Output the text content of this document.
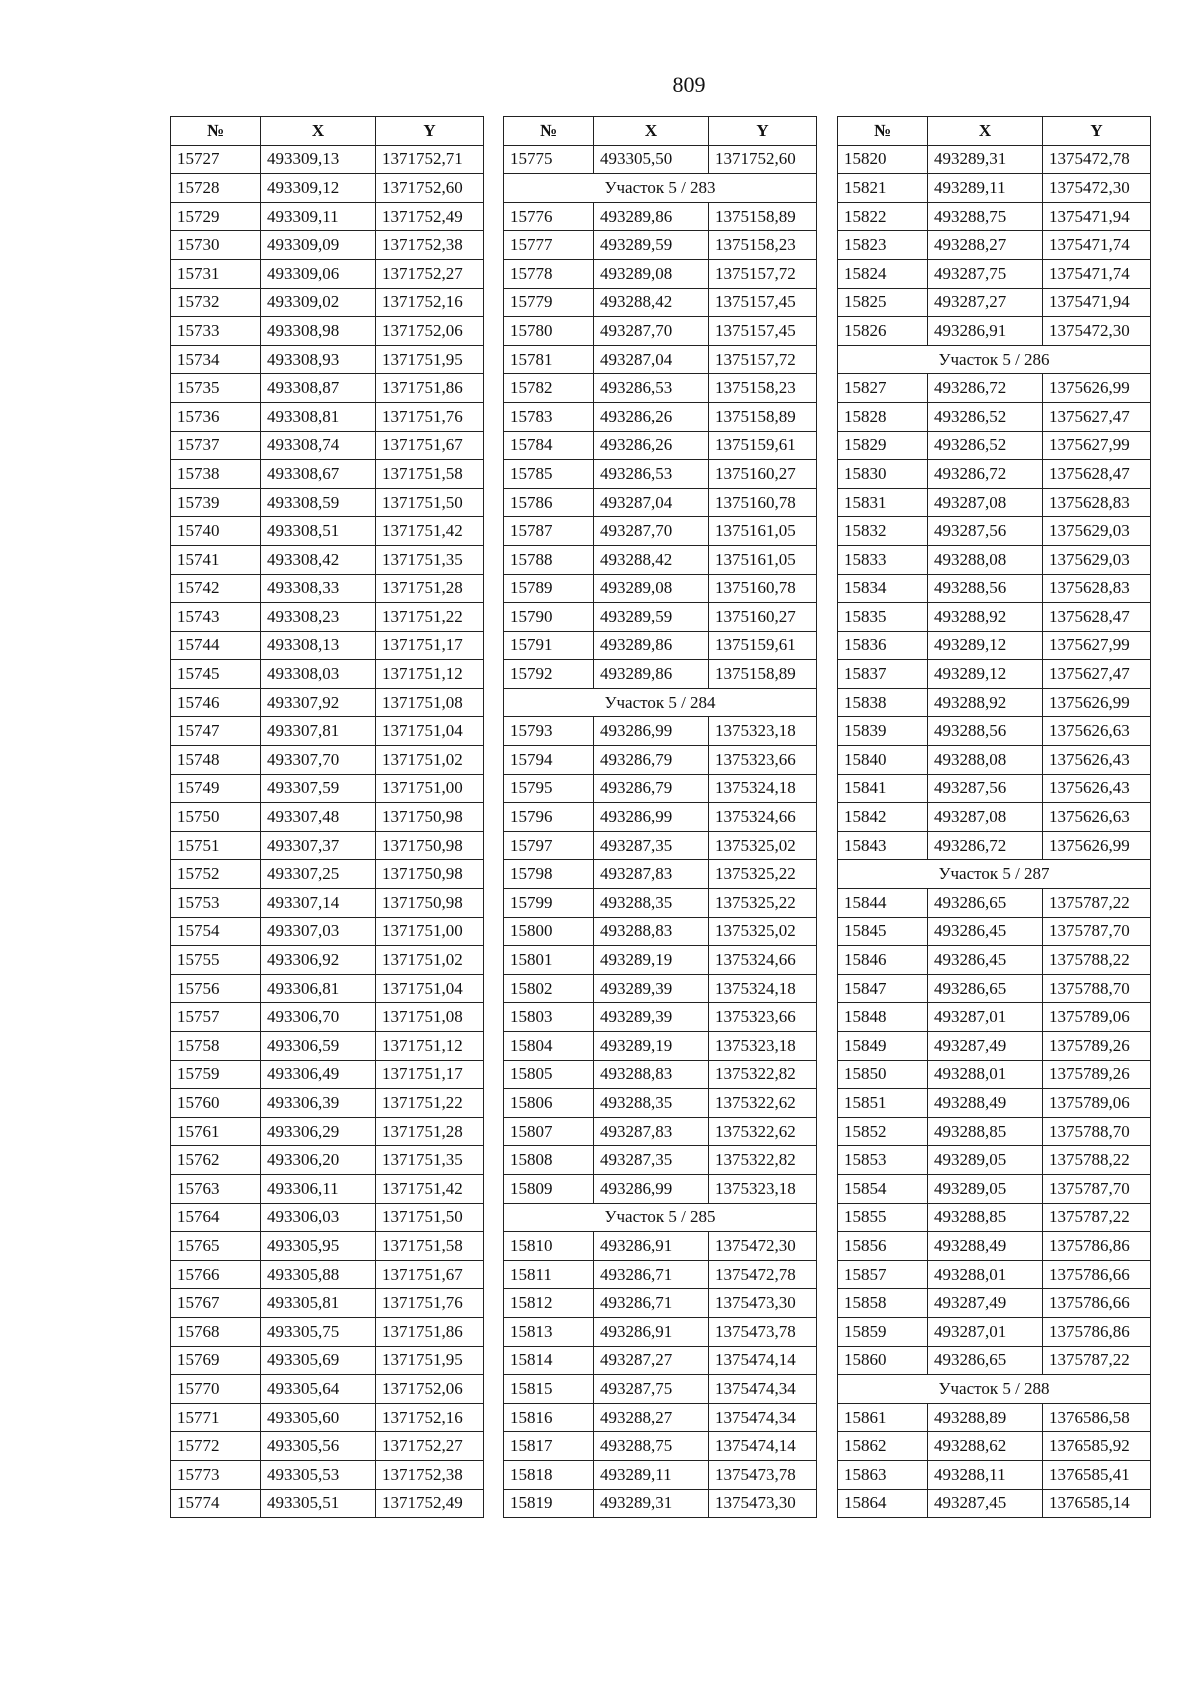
809
№	X	Y
15727	493309,13	1371752,71
15728	493309,12	1371752,60
15729	493309,11	1371752,49
15730	493309,09	1371752,38
15731	493309,06	1371752,27
15732	493309,02	1371752,16
15733	493308,98	1371752,06
15734	493308,93	1371751,95
15735	493308,87	1371751,86
15736	493308,81	1371751,76
15737	493308,74	1371751,67
15738	493308,67	1371751,58
15739	493308,59	1371751,50
15740	493308,51	1371751,42
15741	493308,42	1371751,35
15742	493308,33	1371751,28
15743	493308,23	1371751,22
15744	493308,13	1371751,17
15745	493308,03	1371751,12
15746	493307,92	1371751,08
15747	493307,81	1371751,04
15748	493307,70	1371751,02
15749	493307,59	1371751,00
15750	493307,48	1371750,98
15751	493307,37	1371750,98
15752	493307,25	1371750,98
15753	493307,14	1371750,98
15754	493307,03	1371751,00
15755	493306,92	1371751,02
15756	493306,81	1371751,04
15757	493306,70	1371751,08
15758	493306,59	1371751,12
15759	493306,49	1371751,17
15760	493306,39	1371751,22
15761	493306,29	1371751,28
15762	493306,20	1371751,35
15763	493306,11	1371751,42
15764	493306,03	1371751,50
15765	493305,95	1371751,58
15766	493305,88	1371751,67
15767	493305,81	1371751,76
15768	493305,75	1371751,86
15769	493305,69	1371751,95
15770	493305,64	1371752,06
15771	493305,60	1371752,16
15772	493305,56	1371752,27
15773	493305,53	1371752,38
15774	493305,51	1371752,49
№	X	Y
15775	493305,50	1371752,60
Участок 5 / 283		
15776	493289,86	1375158,89
15777	493289,59	1375158,23
15778	493289,08	1375157,72
15779	493288,42	1375157,45
15780	493287,70	1375157,45
15781	493287,04	1375157,72
15782	493286,53	1375158,23
15783	493286,26	1375158,89
15784	493286,26	1375159,61
15785	493286,53	1375160,27
15786	493287,04	1375160,78
15787	493287,70	1375161,05
15788	493288,42	1375161,05
15789	493289,08	1375160,78
15790	493289,59	1375160,27
15791	493289,86	1375159,61
15792	493289,86	1375158,89
Участок 5 / 284		
15793	493286,99	1375323,18
15794	493286,79	1375323,66
15795	493286,79	1375324,18
15796	493286,99	1375324,66
15797	493287,35	1375325,02
15798	493287,83	1375325,22
15799	493288,35	1375325,22
15800	493288,83	1375325,02
15801	493289,19	1375324,66
15802	493289,39	1375324,18
15803	493289,39	1375323,66
15804	493289,19	1375323,18
15805	493288,83	1375322,82
15806	493288,35	1375322,62
15807	493287,83	1375322,62
15808	493287,35	1375322,82
15809	493286,99	1375323,18
Участок 5 / 285		
15810	493286,91	1375472,30
15811	493286,71	1375472,78
15812	493286,71	1375473,30
15813	493286,91	1375473,78
15814	493287,27	1375474,14
15815	493287,75	1375474,34
15816	493288,27	1375474,34
15817	493288,75	1375474,14
15818	493289,11	1375473,78
15819	493289,31	1375473,30
№	X	Y
15820	493289,31	1375472,78
15821	493289,11	1375472,30
15822	493288,75	1375471,94
15823	493288,27	1375471,74
15824	493287,75	1375471,74
15825	493287,27	1375471,94
15826	493286,91	1375472,30
Участок 5 / 286		
15827	493286,72	1375626,99
15828	493286,52	1375627,47
15829	493286,52	1375627,99
15830	493286,72	1375628,47
15831	493287,08	1375628,83
15832	493287,56	1375629,03
15833	493288,08	1375629,03
15834	493288,56	1375628,83
15835	493288,92	1375628,47
15836	493289,12	1375627,99
15837	493289,12	1375627,47
15838	493288,92	1375626,99
15839	493288,56	1375626,63
15840	493288,08	1375626,43
15841	493287,56	1375626,43
15842	493287,08	1375626,63
15843	493286,72	1375626,99
Участок 5 / 287		
15844	493286,65	1375787,22
15845	493286,45	1375787,70
15846	493286,45	1375788,22
15847	493286,65	1375788,70
15848	493287,01	1375789,06
15849	493287,49	1375789,26
15850	493288,01	1375789,26
15851	493288,49	1375789,06
15852	493288,85	1375788,70
15853	493289,05	1375788,22
15854	493289,05	1375787,70
15855	493288,85	1375787,22
15856	493288,49	1375786,86
15857	493288,01	1375786,66
15858	493287,49	1375786,66
15859	493287,01	1375786,86
15860	493286,65	1375787,22
Участок 5 / 288		
15861	493288,89	1376586,58
15862	493288,62	1376585,92
15863	493288,11	1376585,41
15864	493287,45	1376585,14
